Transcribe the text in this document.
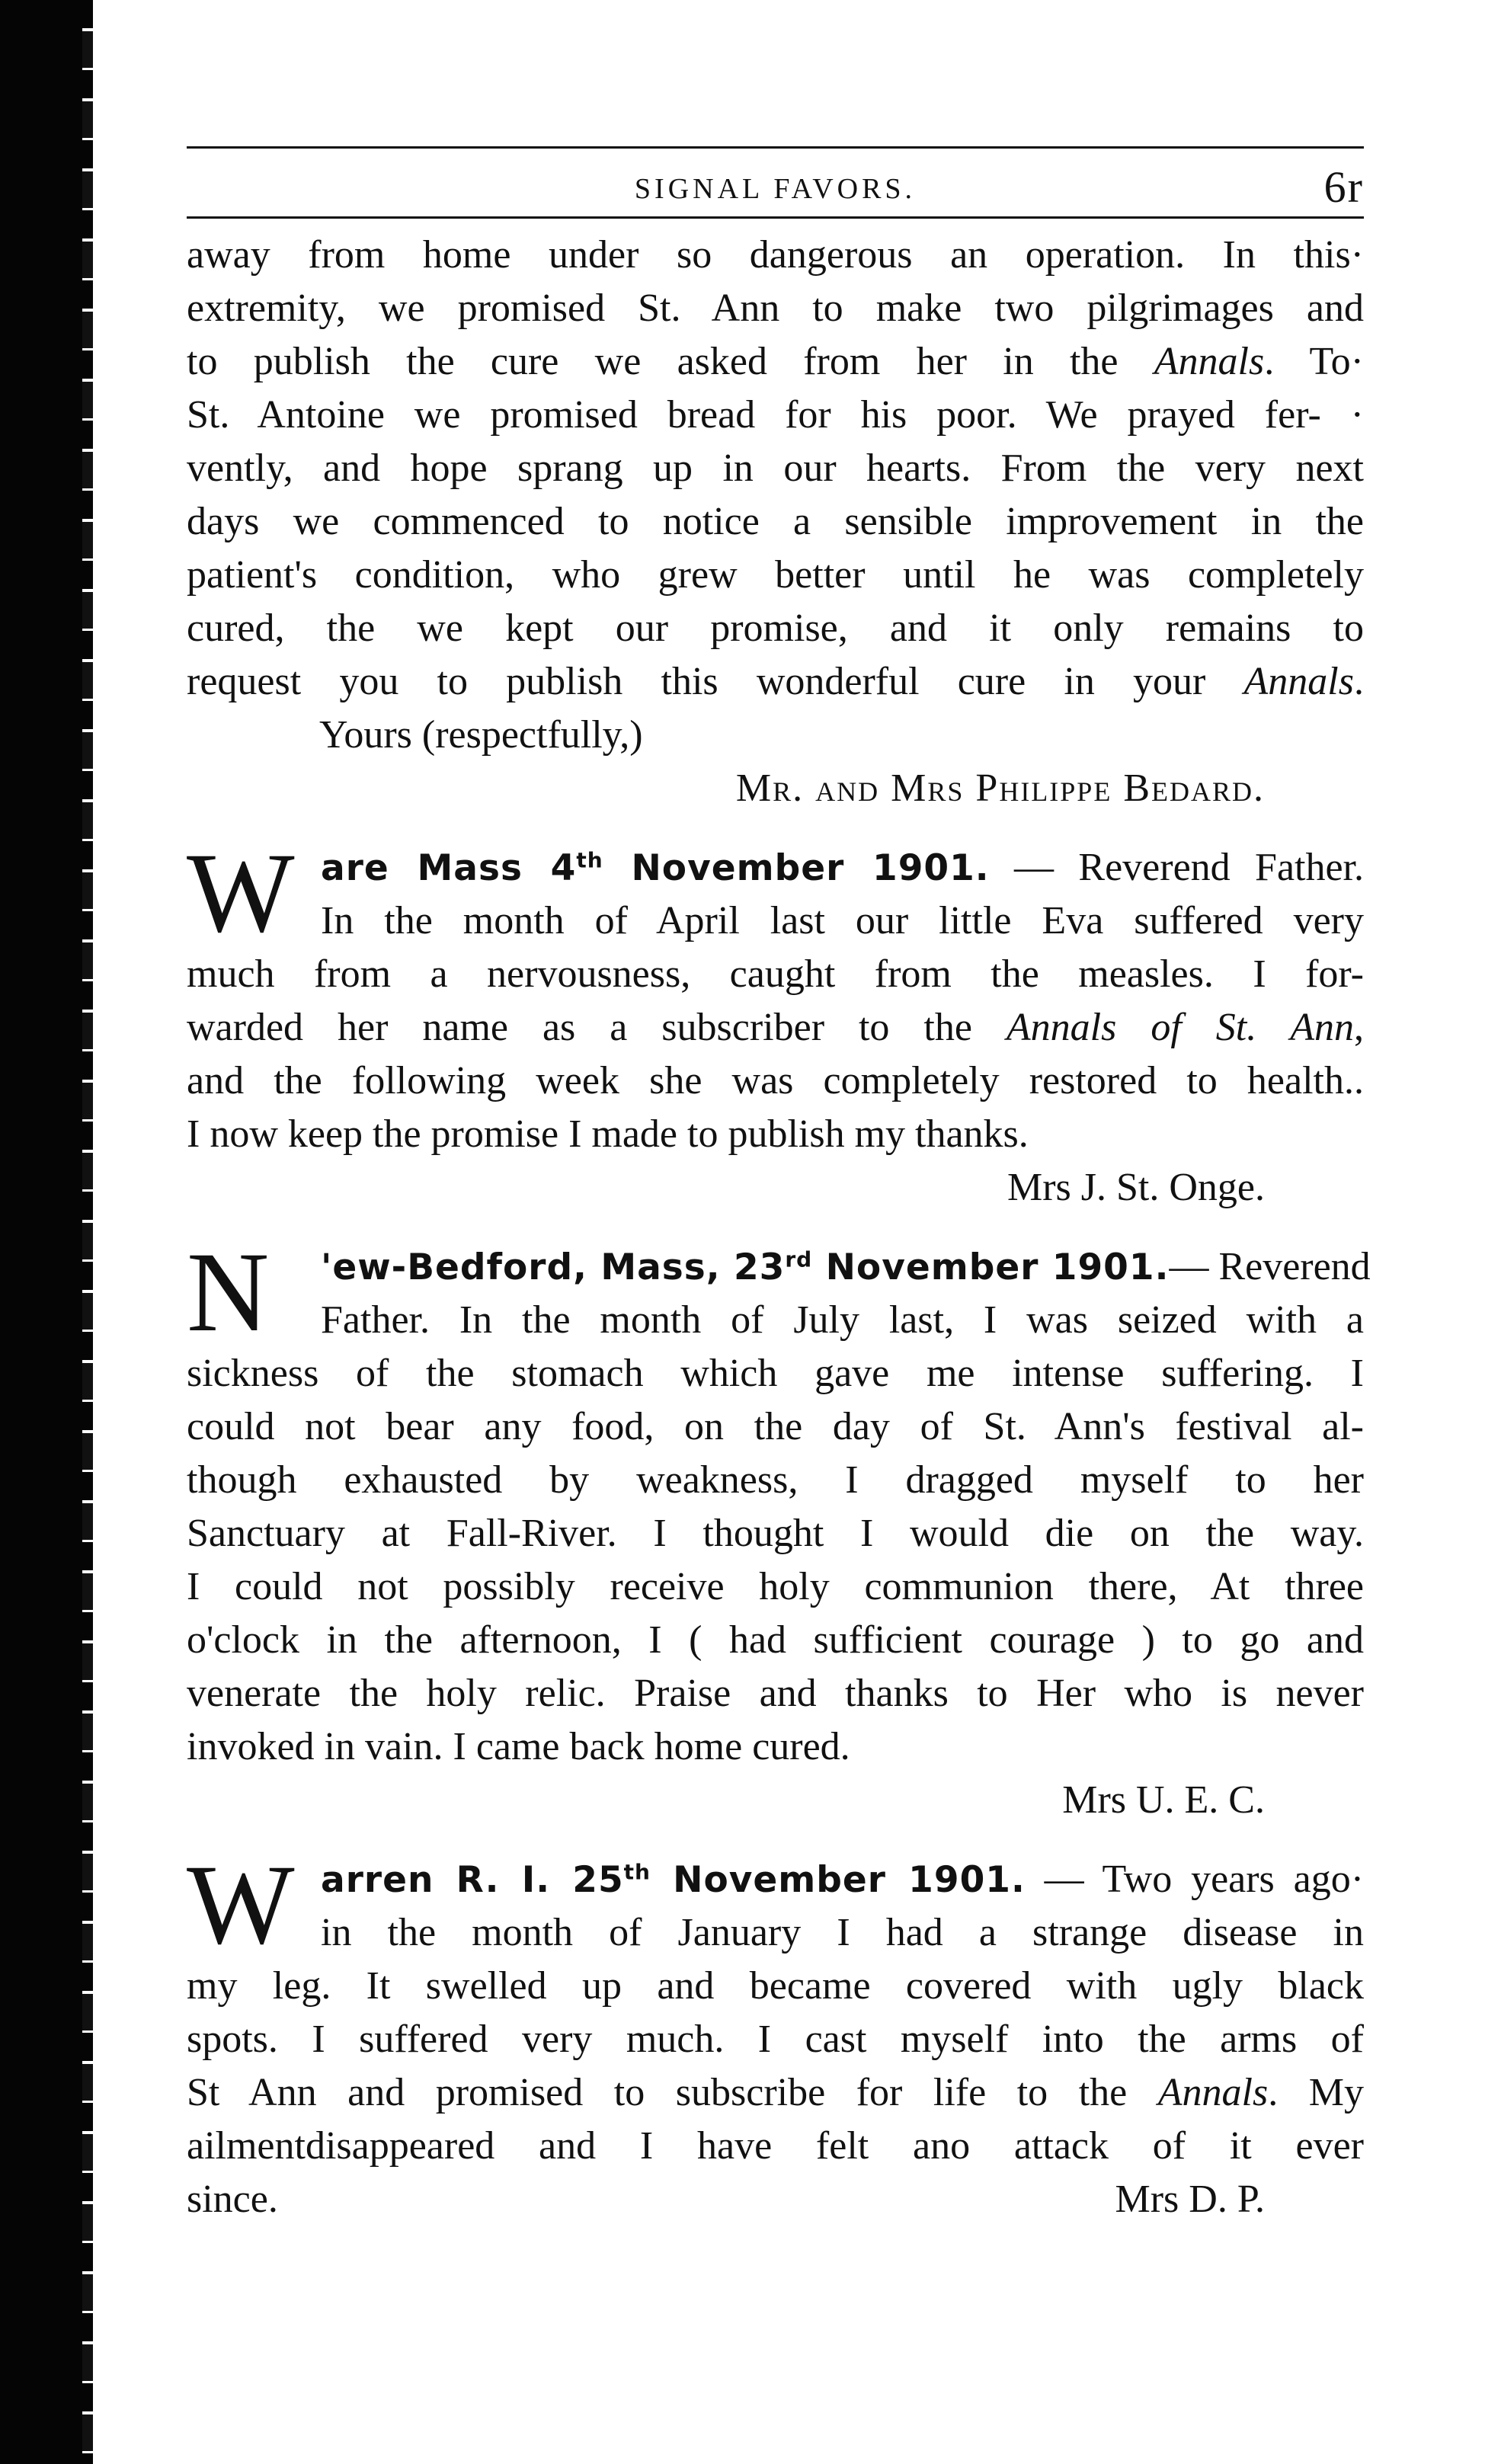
SIGNAL FAVORS.	6r
away from home under so dangerous an operation. In this·
extremity, we promised St. Ann to make two pilgrimages and
to publish the cure we asked from her in the Annals. To·
St. Antoine we promised bread for his poor. We prayed fer- ·
vently, and hope sprang up in our hearts. From the very next
days we commenced to notice a sensible improvement in the
patient's condition, who grew better until he was completely
cured, the we kept our promise, and it only remains to
request you to publish this wonderful cure in your Annals.
Yours (respectfully,)
Mr. and Mrs Philippe Bedard.
W are Mass 4th November 1901. — Reverend Father.
In the month of April last our little Eva suffered very
much from a nervousness, caught from the measles. I for-
warded her name as a subscriber to the Annals of St. Ann,
and the following week she was completely restored to health..
I now keep the promise I made to publish my thanks.
Mrs J. St. Onge.
N	'ew-Bedford, Mass, 23rd November 1901.— Reverend
Father. In the month of July last, I was seized with a
sickness of the stomach which gave me intense suffering. I
could not bear any food, on the day of St. Ann's festival al-
though exhausted by weakness, I dragged myself to her
Sanctuary at Fall-River. I thought I would die on the way.
I could not possibly receive holy communion there, At three
o'clock in the afternoon, I ( had sufficient courage ) to go and
venerate the holy relic. Praise and thanks to Her who is never
invoked in vain. I came back home cured.
Mrs U. E. C.
W arren R. I. 25th November 1901. — Two years ago·
in the month of January I had a strange disease in
my leg. It swelled up and became covered with ugly black
spots. I suffered very much. I cast myself into the arms of
St Ann and promised to subscribe for life to the Annals. My
ailmentdisappeared and I have felt ano attack of it ever
since.	Mrs D. P.
